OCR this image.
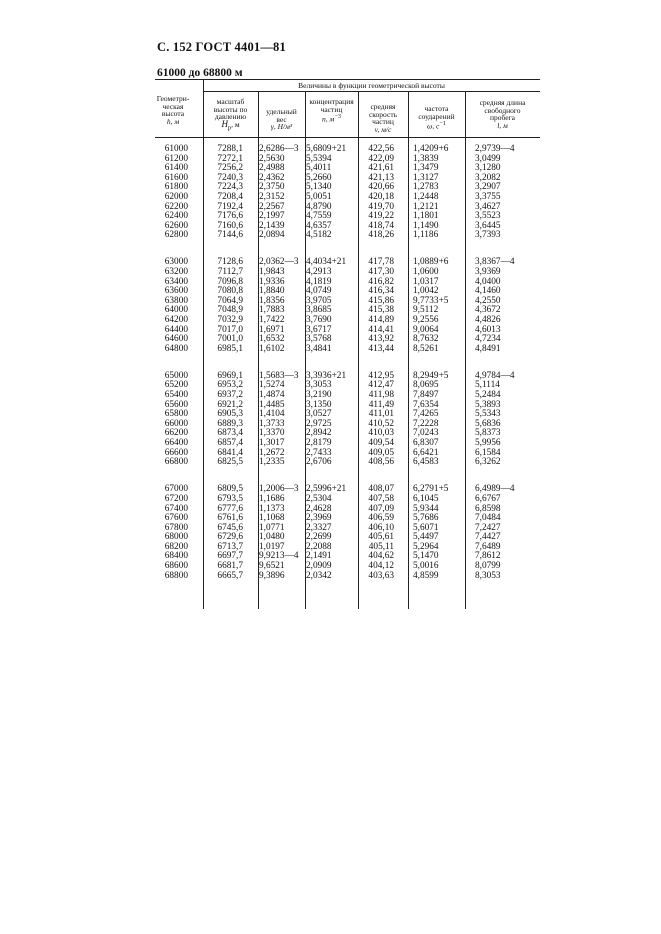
С. 152 ГОСТ 4401—81
61000 до 68800 м
Геометри-
ческая
высота
h, м
Величины в функции геометрической высоты
масштаб
высоты по
давлению
$H_p$, м
удельный
вес
γ, Н/м³
концентрация
частиц
n, $м^{-3}$
средняя
скорость
частиц
v, м/с
частота
соударений
ω, $с^{-1}$
средняя длина
свободного
пробега
l, м
61000
61200
61400
61600
61800
62000
62200
62400
62600
62800
63000
63200
63400
63600
63800
64000
64200
64400
64600
64800
65000
65200
65400
65600
65800
66000
66200
66400
66600
66800
67000
67200
67400
67600
67800
68000
68200
68400
68600
68800
7288,1
7272,1
7256,2
7240,3
7224,3
7208,4
7192,4
7176,6
7160,6
7144,6
7128,6
7112,7
7096,8
7080,8
7064,9
7048,9
7032,9
7017,0
7001,0
6985,1
6969,1
6953,2
6937,2
6921,2
6905,3
6889,3
6873,4
6857,4
6841,4
6825,5
6809,5
6793,5
6777,6
6761,6
6745,6
6729,6
6713,7
6697,7
6681,7
6665,7
2,6286—3
2,5630
2,4988
2,4362
2,3750
2,3152
2,2567
2,1997
2,1439
2,0894
2,0362—3
1,9843
1,9336
1,8840
1,8356
1,7883
1,7422
1,6971
1,6532
1,6102
1,5683—3
1,5274
1,4874
1,4485
1,4104
1,3733
1,3370
1,3017
1,2672
1,2335
1,2006—3
1,1686
1,1373
1,1068
1,0771
1,0480
1,0197
9,9213—4
9,6521
9,3896
5,6809+21
5,5394
5,4011
5,2660
5,1340
5,0051
4,8790
4,7559
4,6357
4,5182
4,4034+21
4,2913
4,1819
4,0749
3,9705
3,8685
3,7690
3,6717
3,5768
3,4841
3,3936+21
3,3053
3,2190
3,1350
3,0527
2,9725
2,8942
2,8179
2,7433
2,6706
2,5996+21
2,5304
2,4628
2,3969
2,3327
2,2699
2,2088
2,1491
2,0909
2,0342
422,56
422,09
421,61
421,13
420,66
420,18
419,70
419,22
418,74
418,26
417,78
417,30
416,82
416,34
415,86
415,38
414,89
414,41
413,92
413,44
412,95
412,47
411,98
411,49
411,01
410,52
410,03
409,54
409,05
408,56
408,07
407,58
407,09
406,59
406,10
405,61
405,11
404,62
404,12
403,63
1,4209+6
1,3839
1,3479
1,3127
1,2783
1,2448
1,2121
1,1801
1,1490
1,1186
1,0889+6
1,0600
1,0317
1,0042
9,7733+5
9,5112
9,2556
9,0064
8,7632
8,5261
8,2949+5
8,0695
7,8497
7,6354
7,4265
7,2228
7,0243
6,8307
6,6421
6,4583
6,2791+5
6,1045
5,9344
5,7686
5,6071
5,4497
5,2964
5,1470
5,0016
4,8599
2,9739—4
3,0499
3,1280
3,2082
3,2907
3,3755
3,4627
3,5523
3,6445
3,7393
3,8367—4
3,9369
4,0400
4,1460
4,2550
4,3672
4,4826
4,6013
4,7234
4,8491
4,9784—4
5,1114
5,2484
5,3893
5,5343
5,6836
5,8373
5,9956
6,1584
6,3262
6,4989—4
6,6767
6,8598
7,0484
7,2427
7,4427
7,6489
7,8612
8,0799
8,3053
